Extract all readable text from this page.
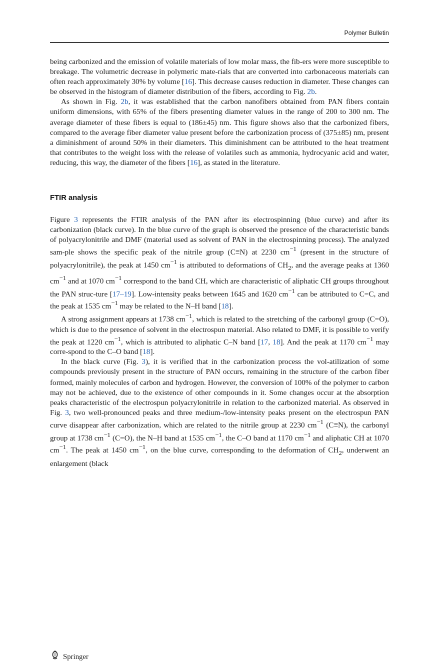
Polymer Bulletin

being carbonized and the emission of volatile materials of low molar mass, the fib-ers were more susceptible to breakage. The volumetric decrease in polymeric mate-rials that are converted into carbonaceous materials can often reach approximately 30% by volume [16]. This decrease causes reduction in diameter. These changes can be observed in the histogram of diameter distribution of the fibers, according to Fig. 2b.

As shown in Fig. 2b, it was established that the carbon nanofibers obtained from PAN fibers contain uniform dimensions, with 65% of the fibers presenting diameter values in the range of 200 to 300 nm. The average diameter of these fibers is equal to (186±45) nm. This figure shows also that the carbonized fibers, compared to the average fiber diameter value present before the carbonization process of (375±85) nm, present a diminishment of around 50% in their diameters. This diminishment can be attributed to the heat treatment that contributes to the weight loss with the release of volatiles such as ammonia, hydrocyanic acid and water, reducing, this way, the diameter of the fibers [16], as stated in the literature.

FTIR analysis

Figure 3 represents the FTIR analysis of the PAN after its electrospinning (blue curve) and after its carbonization (black curve). In the blue curve of the graph is observed the presence of the characteristic bands of polyacrylonitrile and DMF (material used as solvent of PAN in the electrospinning process). The analyzed sam-ple shows the specific peak of the nitrile group (C≡N) at 2230 $cm^{-1}$ (present in the structure of polyacrylonitrile), the peak at 1450 $cm^{-1}$ is attributed to deformations of $CH_2$, and the average peaks at 1360 $cm^{-1}$ and at 1070 $cm^{-1}$ correspond to the band CH, which are characteristic of aliphatic CH groups throughout the PAN struc-ture [17–19]. Low-intensity peaks between 1645 and 1620 $cm^{-1}$ can be attributed to C=C, and the peak at 1535 $cm^{-1}$ may be related to the N–H band [18].

A strong assignment appears at 1738 $cm^{-1}$, which is related to the stretching of the carbonyl group (C=O), which is due to the presence of solvent in the electrospun material. Also related to DMF, it is possible to verify the peak at 1220 $cm^{-1}$, which is attributed to aliphatic C–N band [17, 18]. And the peak at 1170 $cm^{-1}$ may corre-spond to the C–O band [18].

In the black curve (Fig. 3), it is verified that in the carbonization process the vol-atilization of some compounds previously present in the structure of PAN occurs, remaining in the structure of the carbon fiber formed, mainly molecules of carbon and hydrogen. However, the conversion of 100% of the polymer to carbon may not be achieved, due to the existence of other compounds in it. Some changes occur at the absorption peaks characteristic of the electrospun polyacrylonitrile in relation to the carbonized material. As observed in Fig. 3, two well-pronounced peaks and three medium-/low-intensity peaks present on the electrospun PAN curve disappear after carbonization, which are related to the nitrile group at 2230 $cm^{-1}$ (C≡N), the carbonyl group at 1738 $cm^{-1}$ (C=O), the N–H band at 1535 $cm^{-1}$, the C–O band at 1170 $cm^{-1}$ and aliphatic CH at 1070 $cm^{-1}$. The peak at 1450 $cm^{-1}$, on the blue curve, corresponding to the deformation of $CH_2$, underwent an enlargement (black

Springer
